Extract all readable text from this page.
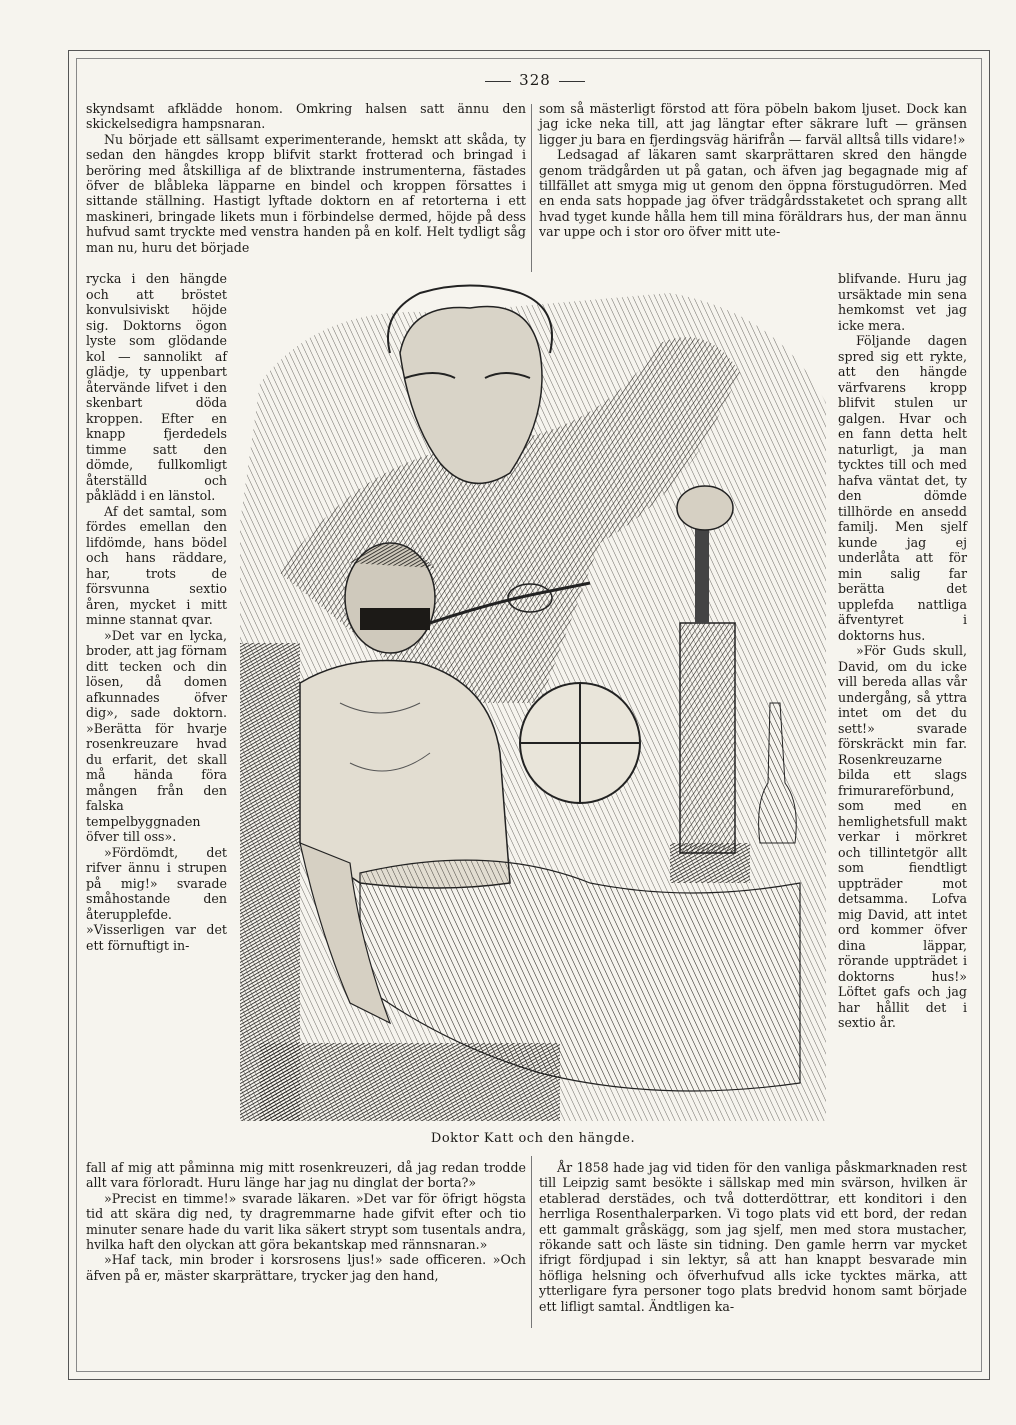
328

skyndsamt afklädde honom. Omkring halsen satt ännu den skickelsedigra hampsnaran.

Nu började ett sällsamt experimenterande, hemskt att skåda, ty sedan den hängdes kropp blifvit starkt frotterad och bringad i beröring med åtskilliga af de blixtrande instrumenterna, fästades öfver de blåbleka läpparne en bindel och kroppen försattes i sittande ställning. Hastigt lyftade doktorn en af retorterna i ett maskineri, bringade likets mun i förbindelse dermed, höjde på dess hufvud samt tryckte med venstra handen på en kolf. Helt tydligt såg man nu, huru det började

rycka i den hängde och att bröstet konvulsiviskt höjde sig. Doktorns ögon lyste som glödande kol — sannolikt af glädje, ty uppenbart återvände lifvet i den skenbart döda kroppen. Efter en knapp fjerdedels timme satt den dömde, fullkomligt återställd och påklädd i en länstol.

Af det samtal, som fördes emellan den lifdömde, hans bödel och hans räddare, har, trots de försvunna sextio åren, mycket i mitt minne stannat qvar.

»Det var en lycka, broder, att jag förnam ditt tecken och din lösen, då domen afkunnades öfver dig», sade doktorn. »Berätta för hvarje rosenkreuzare hvad du erfarit, det skall må hända föra mången från den falska tempelbyggnaden öfver till oss».

»Fördömdt, det rifver ännu i strupen på mig!» svarade småhostande den återupplefde. »Visserligen var det ett förnuftigt in-

fall af mig att påminna mig mitt rosenkreuzeri, då jag redan trodde allt vara förloradt. Huru länge har jag nu dinglat der borta?»

»Precist en timme!» svarade läkaren. »Det var för öfrigt högsta tid att skära dig ned, ty dragremmarne hade gifvit efter och tio minuter senare hade du varit lika säkert strypt som tusentals andra, hvilka haft den olyckan att göra bekantskap med rännsnaran.»

»Haf tack, min broder i korsrosens ljus!» sade officeren. »Och äfven på er, mäster skarprättare, trycker jag den hand,

som så mästerligt förstod att föra pöbeln bakom ljuset. Dock kan jag icke neka till, att jag längtar efter säkrare luft — gränsen ligger ju bara en fjerdingsväg härifrån — farväl alltså tills vidare!»

Ledsagad af läkaren samt skarprättaren skred den hängde genom trädgården ut på gatan, och äfven jag begagnade mig af tillfället att smyga mig ut genom den öppna förstugudörren. Med en enda sats hoppade jag öfver trädgårdsstaketet och sprang allt hvad tyget kunde hålla hem till mina föräldrars hus, der man ännu var uppe och i stor oro öfver mitt ute-

blifvande. Huru jag ursäktade min sena hemkomst vet jag icke mera.

Följande dagen spred sig ett rykte, att den hängde värfvarens kropp blifvit stulen ur galgen. Hvar och en fann detta helt naturligt, ja man tycktes till och med hafva väntat det, ty den dömde tillhörde en ansedd familj. Men sjelf kunde jag ej underlåta att för min salig far berätta det upplefda nattliga äfventyret i doktorns hus.

»För Guds skull, David, om du icke vill bereda allas vår undergång, så yttra intet om det du sett!» svarade förskräckt min far. Rosenkreuzarne bilda ett slags frimurareförbund, som med en hemlighetsfull makt verkar i mörkret och tillintetgör allt som fiendtligt uppträder mot detsamma. Lofva mig David, att intet ord kommer öfver dina läppar, rörande uppträdet i doktorns hus!» Löftet gafs och jag har hållit det i sextio år.

År 1858 hade jag vid tiden för den vanliga påskmarknaden rest till Leipzig samt besökte i sällskap med min svärson, hvilken är etablerad derstädes, och två dotterdöttrar, ett konditori i den herrliga Rosenthalerparken. Vi togo plats vid ett bord, der redan ett gammalt gråskägg, som jag sjelf, men med stora mustacher, rökande satt och läste sin tidning. Den gamle herrn var mycket ifrigt fördjupad i sin lektyr, så att han knappt besvarade min höfliga helsning och öfverhufvud alls icke tycktes märka, att ytterligare fyra personer togo plats bredvid honom samt började ett lifligt samtal. Ändtligen ka-

Doktor Katt och den hängde.
